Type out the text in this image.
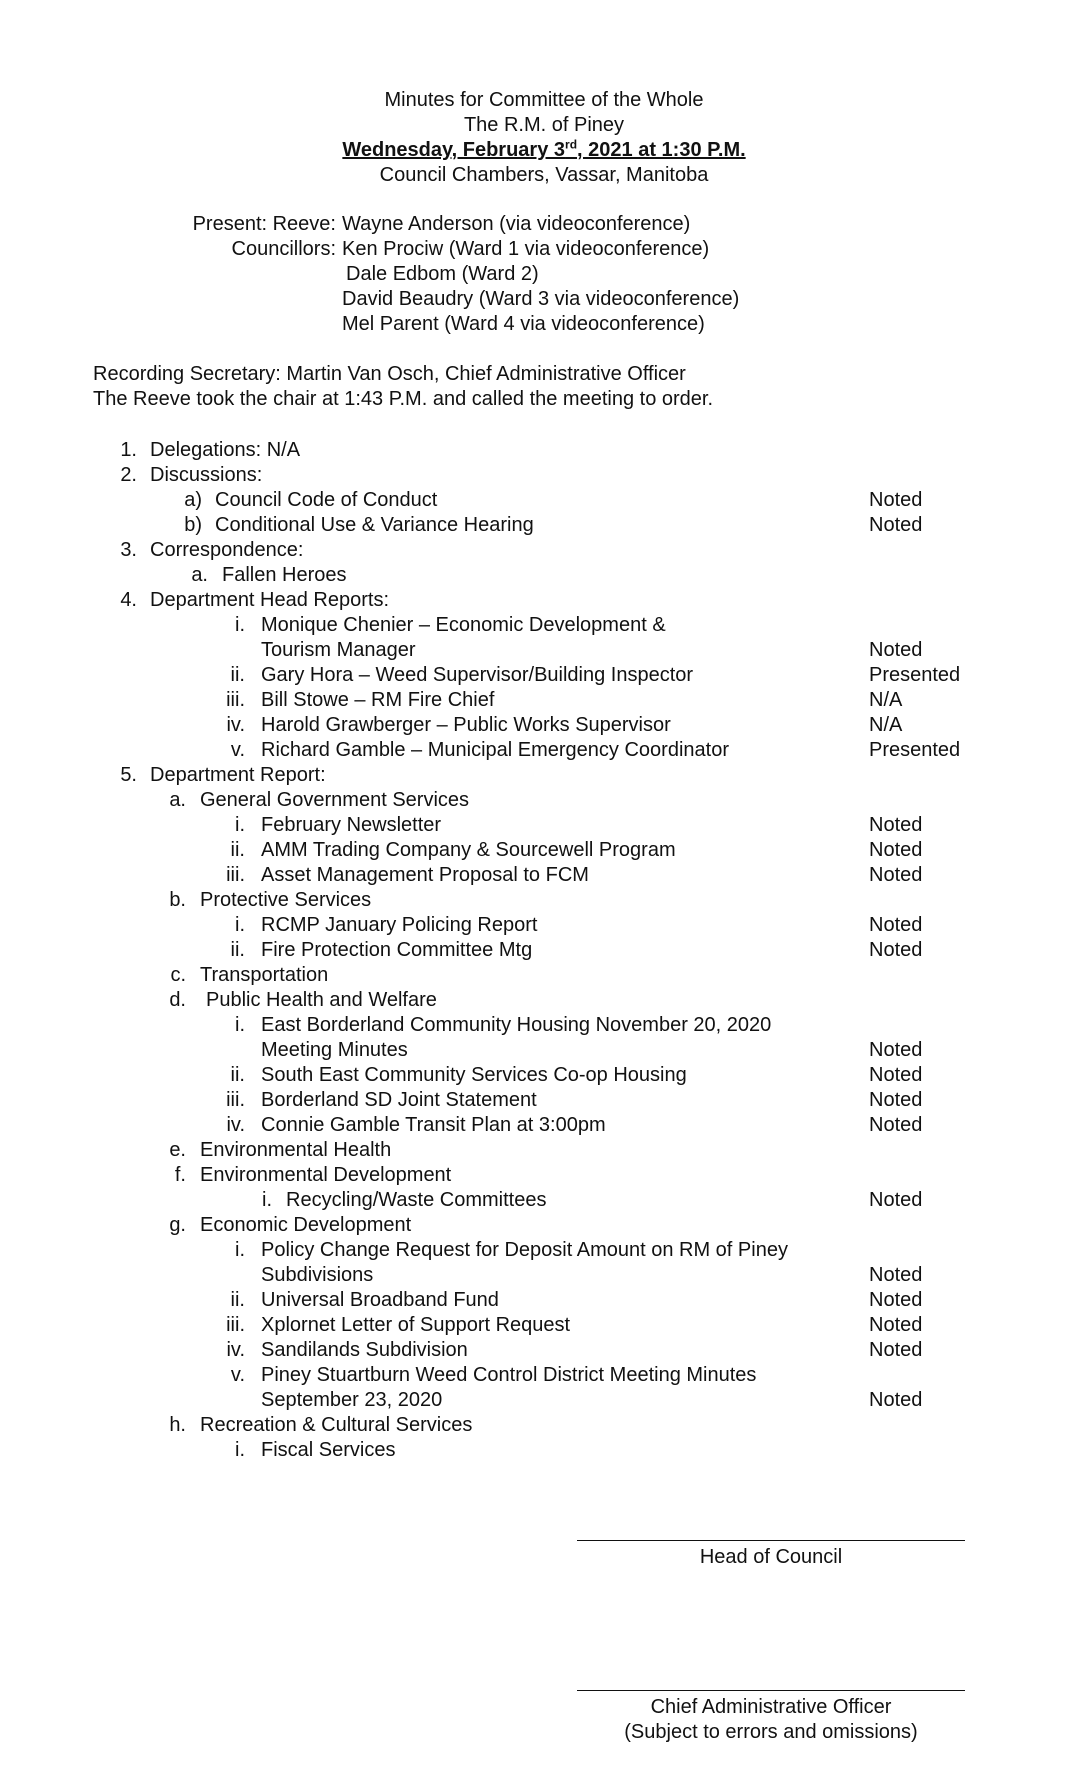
Minutes for Committee of the Whole
The R.M. of Piney
Wednesday, February 3rd, 2021 at 1:30 P.M.
Council Chambers, Vassar, Manitoba
Present: Reeve: Wayne Anderson (via videoconference)
Councillors: Ken Prociw (Ward 1 via videoconference)
Dale Edbom (Ward 2)
David Beaudry (Ward 3 via videoconference)
Mel Parent (Ward 4 via videoconference)
Recording Secretary: Martin Van Osch, Chief Administrative Officer
The Reeve took the chair at 1:43 P.M. and called the meeting to order.
1. Delegations: N/A
2. Discussions:
a) Council Code of Conduct	Noted
b) Conditional Use & Variance Hearing	Noted
3. Correspondence:
a. Fallen Heroes
4. Department Head Reports:
i. Monique Chenier – Economic Development &
Tourism Manager	Noted
ii. Gary Hora – Weed Supervisor/Building Inspector	Presented
iii. Bill Stowe – RM Fire Chief	N/A
iv. Harold Grawberger – Public Works Supervisor	N/A
v. Richard Gamble – Municipal Emergency Coordinator	Presented
5. Department Report:
a. General Government Services
i. February Newsletter	Noted
ii. AMM Trading Company & Sourcewell Program	Noted
iii. Asset Management Proposal to FCM	Noted
b. Protective Services
i. RCMP January Policing Report	Noted
ii. Fire Protection Committee Mtg	Noted
c. Transportation
d. Public Health and Welfare
i. East Borderland Community Housing November 20, 2020
Meeting Minutes	Noted
ii. South East Community Services Co-op Housing	Noted
iii. Borderland SD Joint Statement	Noted
iv. Connie Gamble Transit Plan at 3:00pm	Noted
e. Environmental Health
f. Environmental Development
i. Recycling/Waste Committees	Noted
g. Economic Development
i. Policy Change Request for Deposit Amount on RM of Piney
Subdivisions	Noted
ii. Universal Broadband Fund	Noted
iii. Xplornet Letter of Support Request	Noted
iv. Sandilands Subdivision	Noted
v. Piney Stuartburn Weed Control District Meeting Minutes
September 23, 2020	Noted
h. Recreation & Cultural Services
i. Fiscal Services
Head of Council
Chief Administrative Officer
(Subject to errors and omissions)
